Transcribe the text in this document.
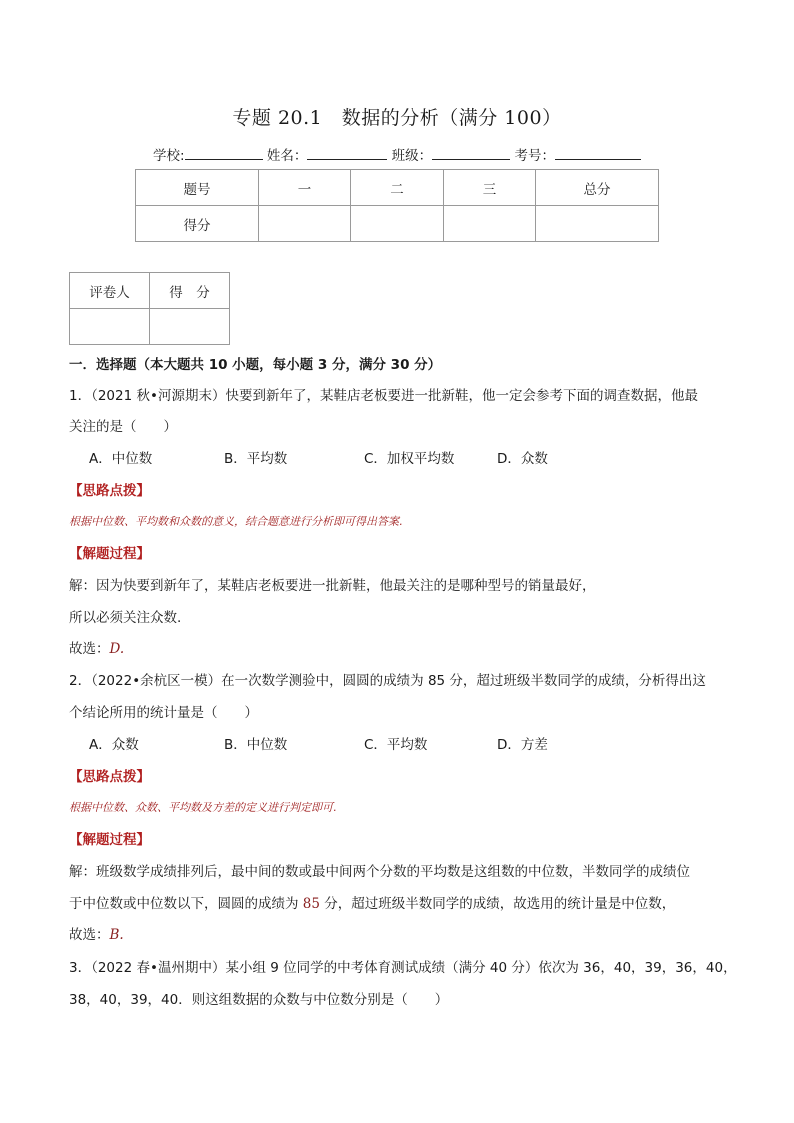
专题 20.1　数据的分析（满分 100）
学校:	姓名：	班级：	考号：
题号	一	二	三	总分
得分				
评卷人	得　分

一．选择题（本大题共 10 小题，每小题 3 分，满分 30 分）
1．（2021 秋•河源期末）快要到新年了，某鞋店老板要进一批新鞋，他一定会参考下面的调查数据，他最
关注的是（　　）
A．中位数	B．平均数	C．加权平均数	D．众数
【思路点拨】
根据中位数、平均数和众数的意义，结合题意进行分析即可得出答案.
【解题过程】
解：因为快要到新年了，某鞋店老板要进一批新鞋，他最关注的是哪种型号的销量最好，
所以必须关注众数.
故选：D.
2．（2022•余杭区一模）在一次数学测验中，圆圆的成绩为 85 分，超过班级半数同学的成绩，分析得出这
个结论所用的统计量是（　　）
A．众数	B．中位数	C．平均数	D．方差
【思路点拨】
根据中位数、众数、平均数及方差的定义进行判定即可.
【解题过程】
解：班级数学成绩排列后，最中间的数或最中间两个分数的平均数是这组数的中位数，半数同学的成绩位
于中位数或中位数以下，圆圆的成绩为 85 分，超过班级半数同学的成绩，故选用的统计量是中位数，
故选：B.
3．（2022 春•温州期中）某小组 9 位同学的中考体育测试成绩（满分 40 分）依次为 36，40，39，36，40，
38，40，39，40．则这组数据的众数与中位数分别是（　　）
